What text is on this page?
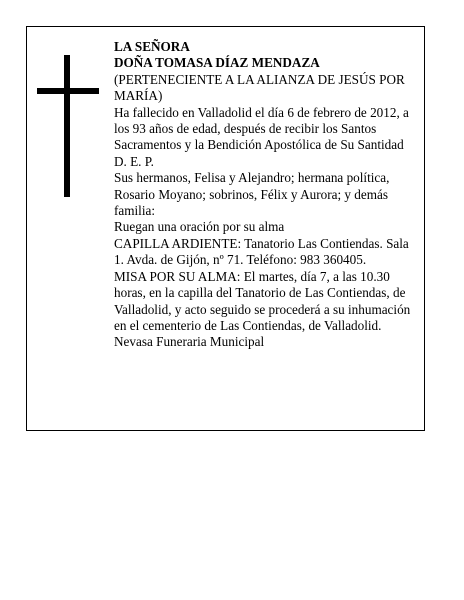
LA SEÑORA

DOÑA TOMASA DÍAZ MENDAZA

(PERTENECIENTE A LA ALIANZA DE JESÚS POR MARÍA)

Ha fallecido en Valladolid el día 6 de febrero de 2012, a los 93 años de edad, después de recibir los Santos Sacramentos y la Bendición Apostólica de Su Santidad

D. E. P.

Sus hermanos, Felisa y Alejandro; hermana política, Rosario Moyano; sobrinos, Félix y Aurora; y demás familia:

Ruegan una oración por su alma

CAPILLA ARDIENTE: Tanatorio Las Contiendas. Sala 1. Avda. de Gijón, nº 71. Teléfono: 983 360405.

MISA POR SU ALMA: El martes, día 7, a las 10.30 horas, en la capilla del Tanatorio de Las Contiendas, de Valladolid, y acto seguido se procederá a su inhumación en el cementerio de Las Contiendas, de Valladolid.

Nevasa Funeraria Municipal
